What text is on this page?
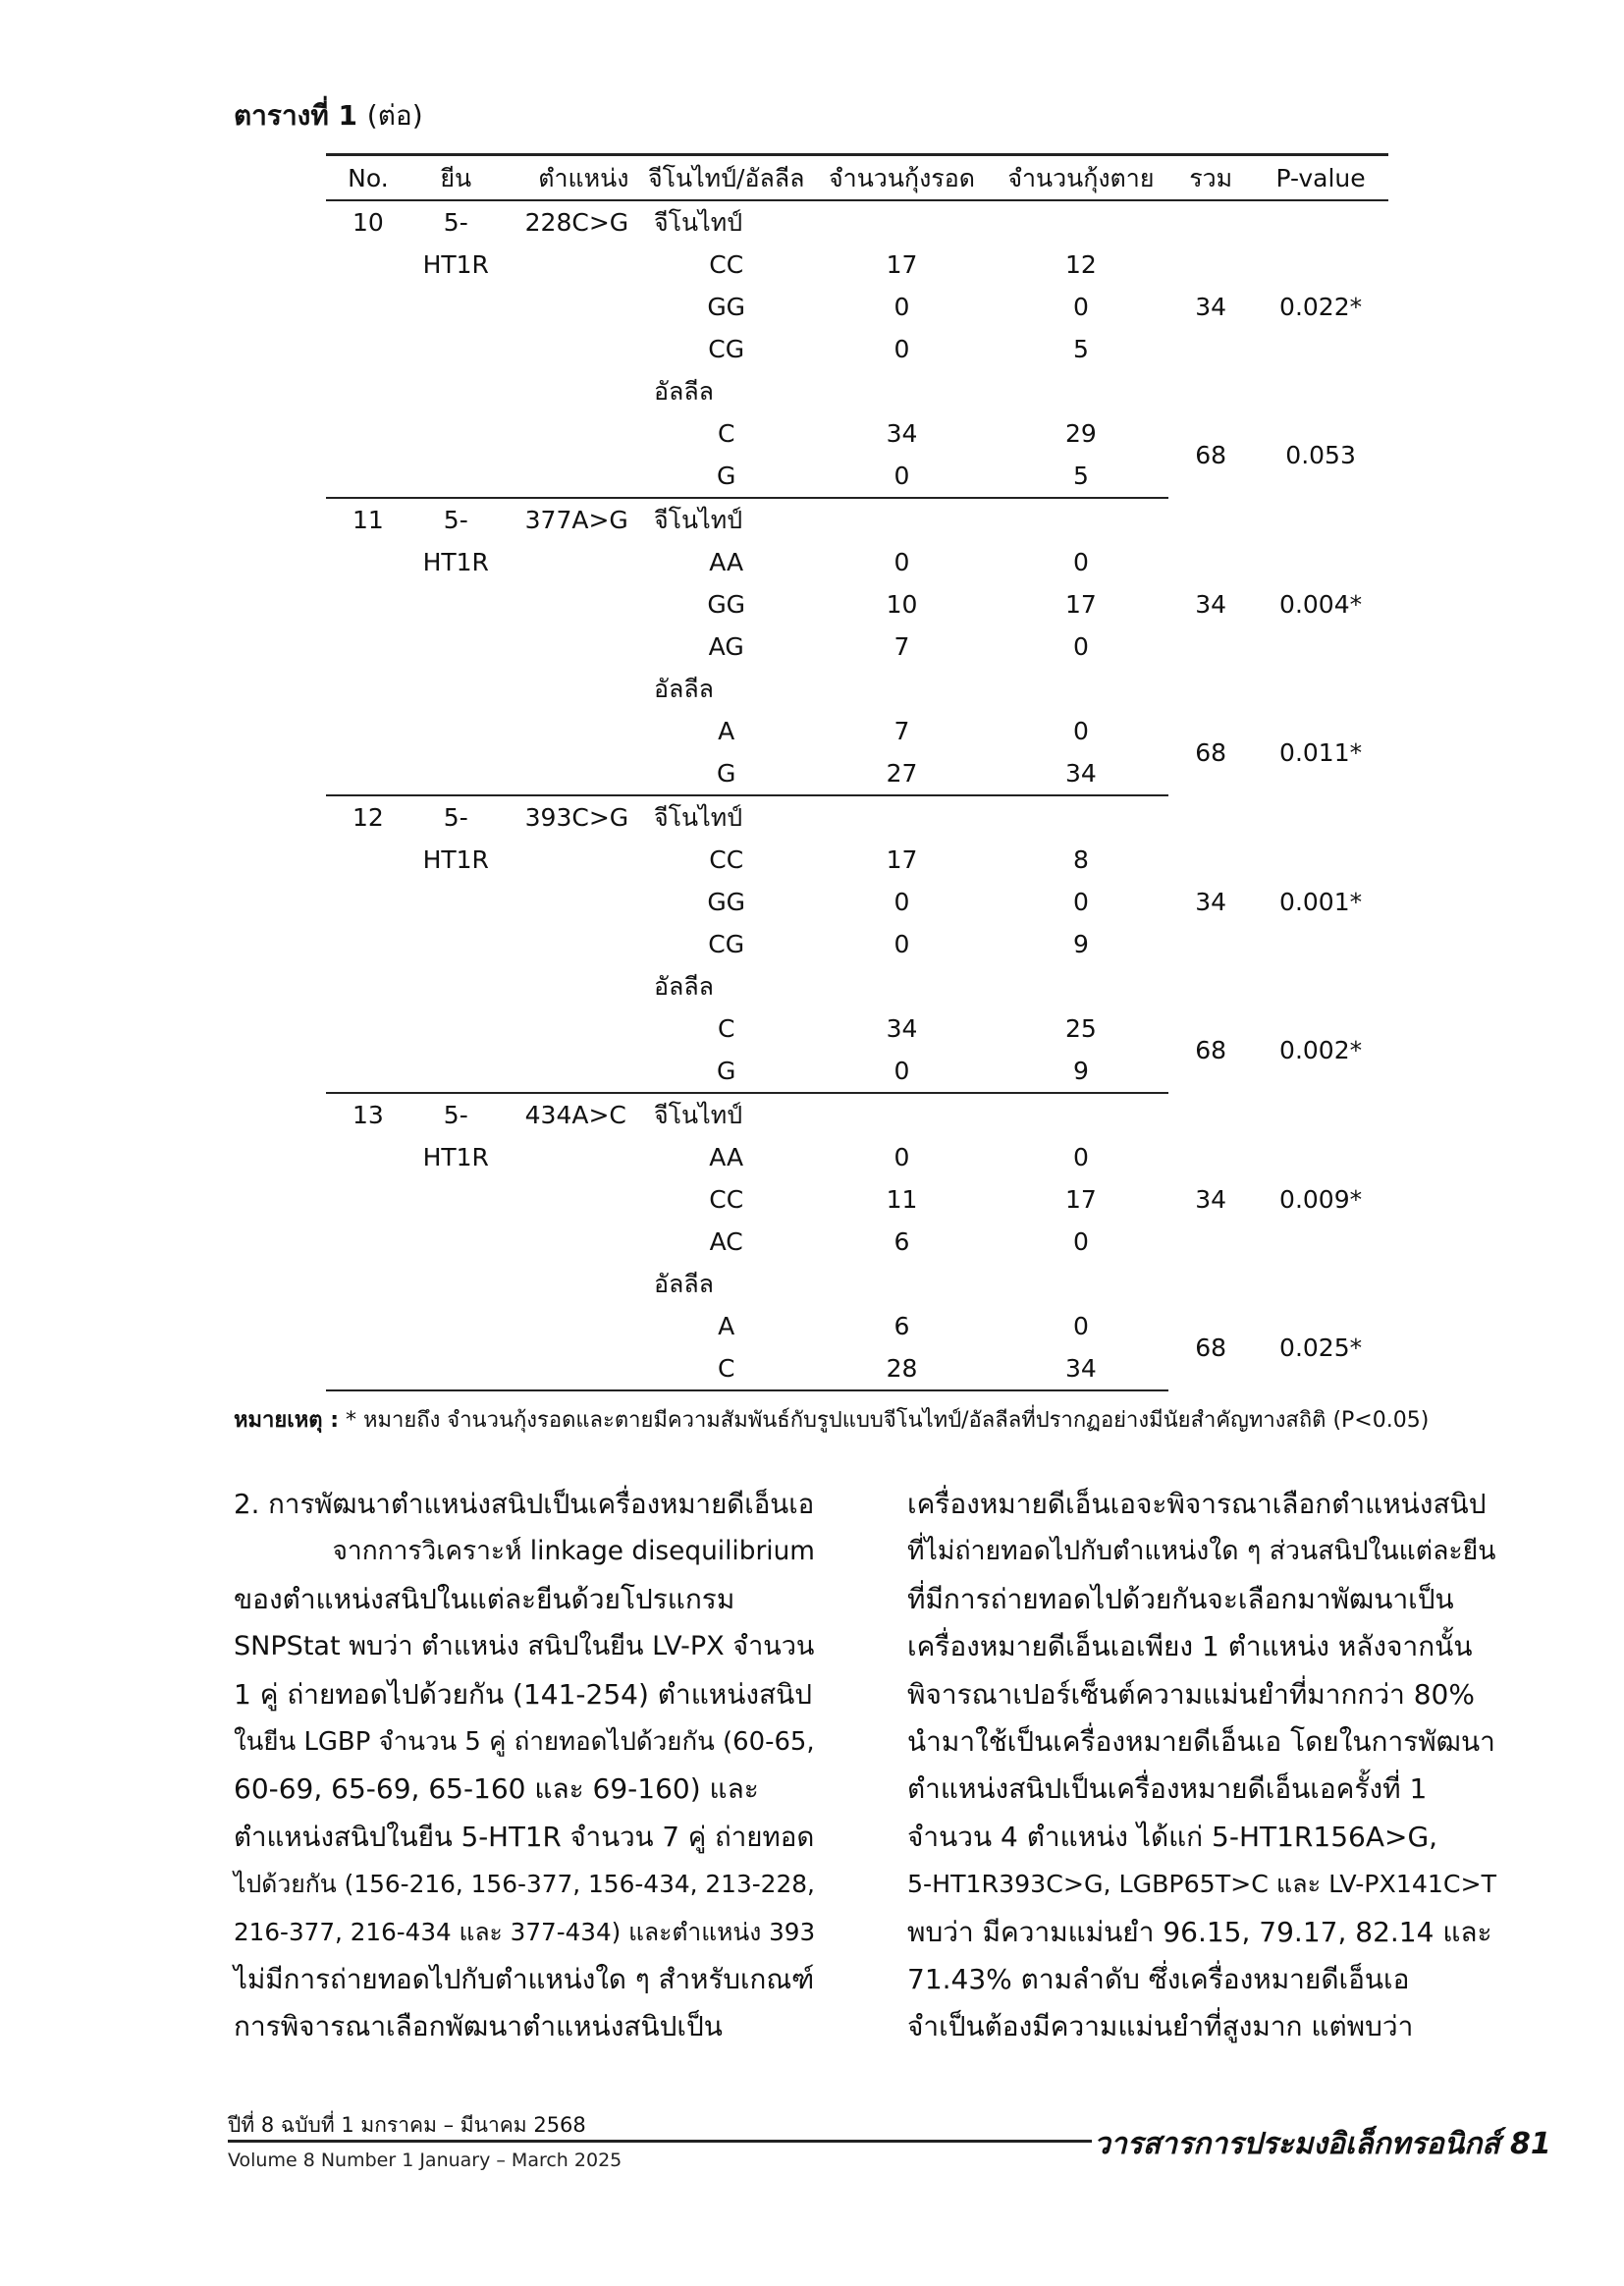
ตารางที่ 1 (ต่อ)
No.	ยีน	ตำแหน่ง	จีโนไทป์/อัลลีล	จำนวนกุ้งรอด	จำนวนกุ้งตาย	รวม	P-value
10	5-	228C>G	จีโนไทป์				
	HT1R		CC	17	12	34	0.022*
			GG	0	0		
			CG	0	5		
			อัลลีล				
			C	34	29	68	0.053
			G	0	5		
11	5-	377A>G	จีโนไทป์				
	HT1R		AA	0	0	34	0.004*
			GG	10	17		
			AG	7	0		
			อัลลีล				
			A	7	0	68	0.011*
			G	27	34		
12	5-	393C>G	จีโนไทป์				
	HT1R		CC	17	8	34	0.001*
			GG	0	0		
			CG	0	9		
			อัลลีล				
			C	34	25	68	0.002*
			G	0	9		
13	5-	434A>C	จีโนไทป์				
	HT1R		AA	0	0	34	0.009*
			CC	11	17		
			AC	6	0		
			อัลลีล				
			A	6	0	68	0.025*
			C	28	34		
หมายเหตุ : * หมายถึง จำนวนกุ้งรอดและตายมีความสัมพันธ์กับรูปแบบจีโนไทป์/อัลลีลที่ปรากฏอย่างมีนัยสำคัญทางสถิติ (P<0.05)

2. การพัฒนาตำแหน่งสนิปเป็นเครื่องหมายดีเอ็นเอ

จากการวิเคราะห์ linkage disequilibrium

ของตำแหน่งสนิปในแต่ละยีนด้วยโปรแกรม

SNPStat พบว่า ตำแหน่ง สนิปในยีน LV-PX จำนวน

1 คู่ ถ่ายทอดไปด้วยกัน (141-254) ตำแหน่งสนิป

ในยีน LGBP จำนวน 5 คู่ ถ่ายทอดไปด้วยกัน (60-65,

60-69, 65-69, 65-160 และ 69-160) และ

ตำแหน่งสนิปในยีน 5-HT1R จำนวน 7 คู่ ถ่ายทอด

ไปด้วยกัน (156-216, 156-377, 156-434, 213-228,

216-377, 216-434 และ 377-434) และตำแหน่ง 393

ไม่มีการถ่ายทอดไปกับตำแหน่งใด ๆ สำหรับเกณฑ์

การพิจารณาเลือกพัฒนาตำแหน่งสนิปเป็น

เครื่องหมายดีเอ็นเอจะพิจารณาเลือกตำแหน่งสนิป

ที่ไม่ถ่ายทอดไปกับตำแหน่งใด ๆ ส่วนสนิปในแต่ละยีน

ที่มีการถ่ายทอดไปด้วยกันจะเลือกมาพัฒนาเป็น

เครื่องหมายดีเอ็นเอเพียง 1 ตำแหน่ง หลังจากนั้น

พิจารณาเปอร์เซ็นต์ความแม่นยำที่มากกว่า 80%

นำมาใช้เป็นเครื่องหมายดีเอ็นเอ โดยในการพัฒนา

ตำแหน่งสนิปเป็นเครื่องหมายดีเอ็นเอครั้งที่ 1

จำนวน 4 ตำแหน่ง ได้แก่ 5-HT1R156A>G,

5-HT1R393C>G, LGBP65T>C และ LV-PX141C>T

พบว่า มีความแม่นยำ 96.15, 79.17, 82.14 และ

71.43% ตามลำดับ ซึ่งเครื่องหมายดีเอ็นเอ

จำเป็นต้องมีความแม่นยำที่สูงมาก แต่พบว่า

ปีที่ 8 ฉบับที่ 1 มกราคม – มีนาคม 2568
Volume 8 Number 1 January – March 2025	วารสารการประมงอิเล็กทรอนิกส์ 81
